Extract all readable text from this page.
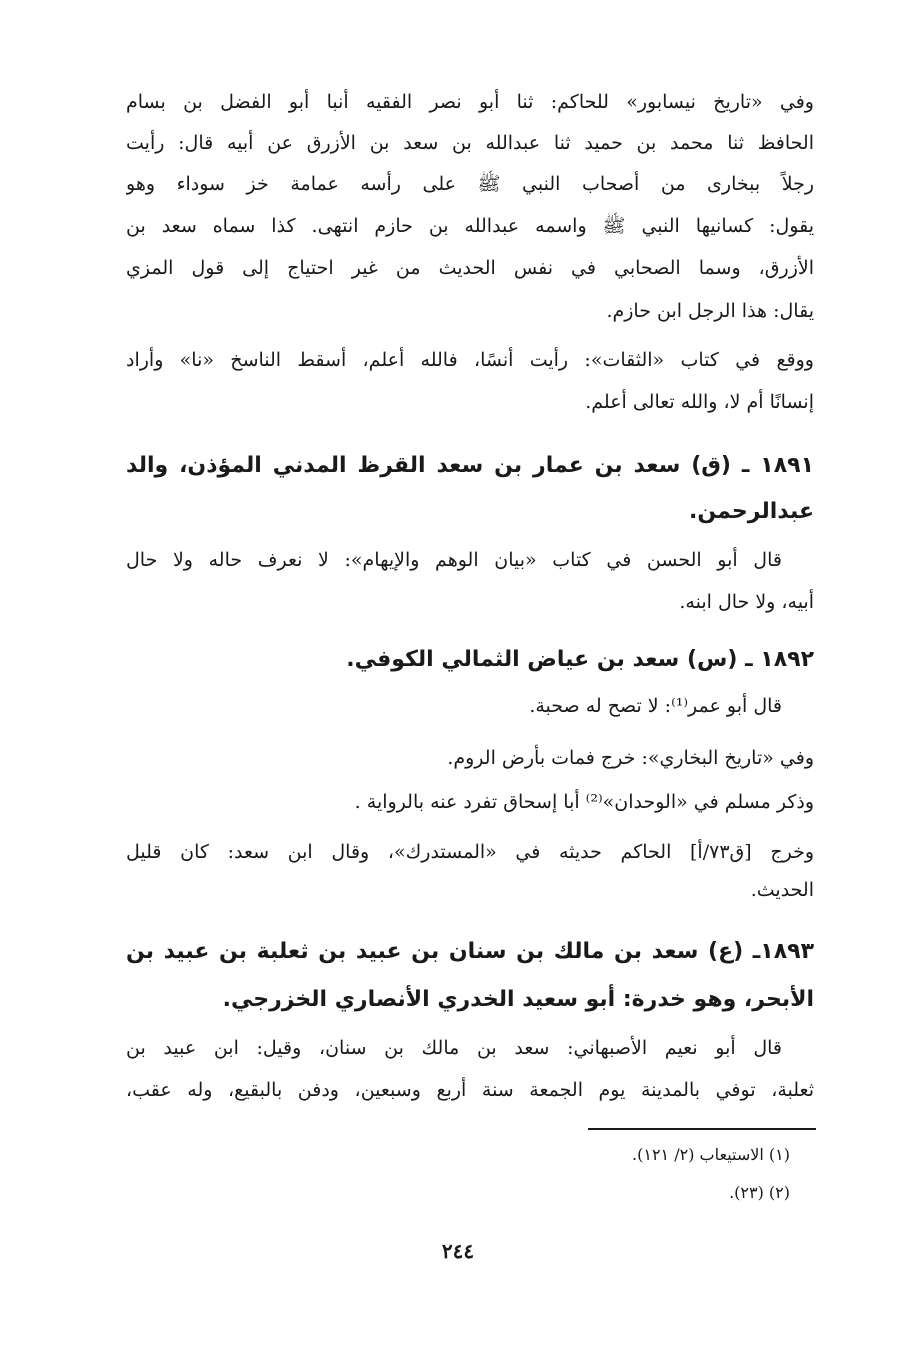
وفي «تاريخ نيسابور» للحاكم: ثنا أبو نصر الفقيه أنبا أبو الفضل بن بسام
الحافظ ثنا محمد بن حميد ثنا عبدالله بن سعد بن الأزرق عن أبيه قال: رأيت
رجلاً ببخارى من أصحاب النبي ﷺ على رأسه عمامة خز سوداء وهو
يقول: كسانيها النبي ﷺ واسمه عبدالله بن حازم انتهى. كذا سماه سعد بن
الأزرق، وسما الصحابي في نفس الحديث من غير احتياج إلى قول المزي
يقال: هذا الرجل ابن حازم.
ووقع في كتاب «الثقات»: رأيت أنسًا، فالله أعلم، أسقط الناسخ «نا» وأراد
إنسانًا أم لا، والله تعالى أعلم.
١٨٩١ ـ (ق) سعد بن عمار بن سعد القرظ المدني المؤذن، والد
عبدالرحمن.
قال أبو الحسن في كتاب «بيان الوهم والإيهام»: لا نعرف حاله ولا حال
أبيه، ولا حال ابنه.
١٨٩٢ ـ (س) سعد بن عياض الثمالي الكوفي.
قال أبو عمر⁽¹⁾: لا تصح له صحبة.
وفي «تاريخ البخاري»: خرج فمات بأرض الروم.
وذكر مسلم في «الوحدان»⁽²⁾ أبا إسحاق تفرد عنه بالرواية .
وخرج [ق٧٣/أ] الحاكم حديثه في «المستدرك»، وقال ابن سعد: كان قليل
الحديث.
١٨٩٣ـ (ع) سعد بن مالك بن سنان بن عبيد بن ثعلبة بن عبيد بن
الأبحر، وهو خدرة: أبو سعيد الخدري الأنصاري الخزرجي.
قال أبو نعيم الأصبهاني: سعد بن مالك بن سنان، وقيل: ابن عبيد بن
ثعلبة، توفي بالمدينة يوم الجمعة سنة أربع وسبعين، ودفن بالبقيع، وله عقب،
(١) الاستيعاب (٢/ ١٢١).
(٢) (٢٣).
٢٤٤
